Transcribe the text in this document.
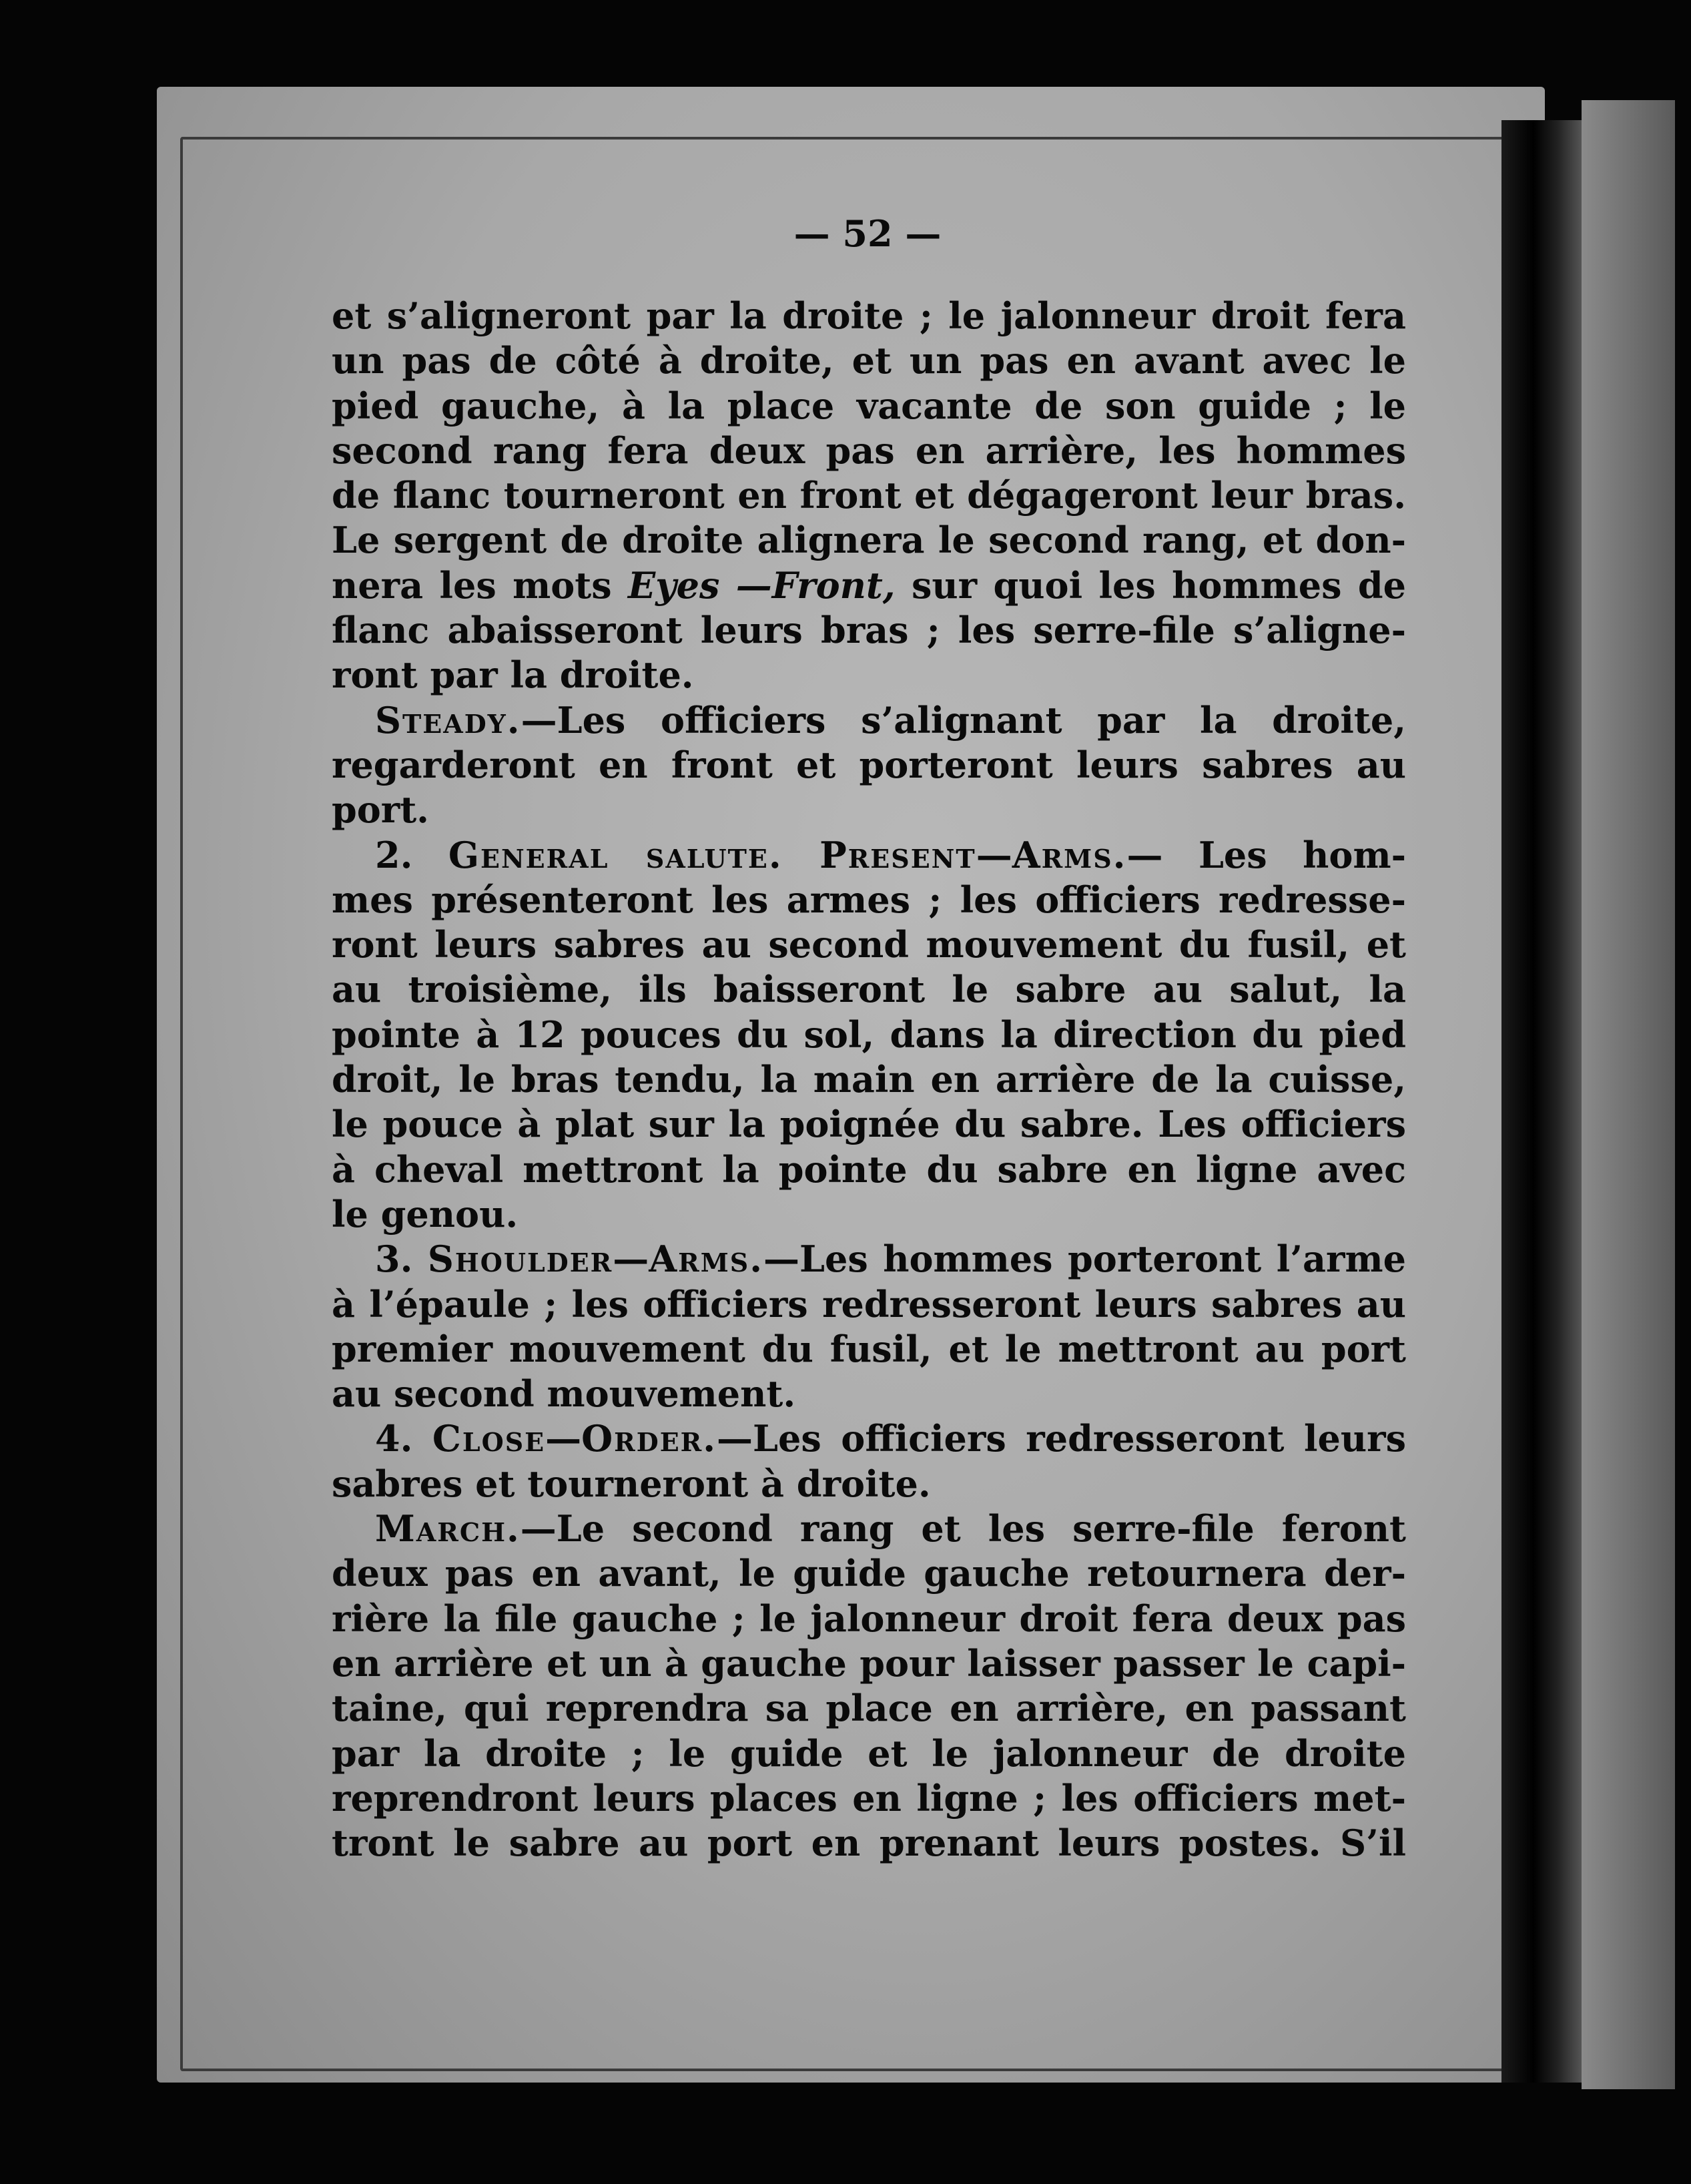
— 52 —
et s’aligneront par la droite ; le jalonneur droit fera
un pas de côté à droite, et un pas en avant avec le
pied gauche, à la place vacante de son guide ; le
second rang fera deux pas en arrière, les hommes
de flanc tourneront en front et dégageront leur bras.
Le sergent de droite alignera le second rang, et don-
nera les mots Eyes —Front, sur quoi les hommes de
flanc abaisseront leurs bras ; les serre-file s’aligne-
ront par la droite.
Steady.—Les officiers s’alignant par la droite,
regarderont en front et porteront leurs sabres au
port.
2. General salute. Present—Arms.— Les hom-
mes présenteront les armes ; les officiers redresse-
ront leurs sabres au second mouvement du fusil, et
au troisième, ils baisseront le sabre au salut, la
pointe à 12 pouces du sol, dans la direction du pied
droit, le bras tendu, la main en arrière de la cuisse,
le pouce à plat sur la poignée du sabre. Les officiers
à cheval mettront la pointe du sabre en ligne avec
le genou.
3. Shoulder—Arms.—Les hommes porteront l’arme
à l’épaule ; les officiers redresseront leurs sabres au
premier mouvement du fusil, et le mettront au port
au second mouvement.
4. Close—Order.—Les officiers redresseront leurs
sabres et tourneront à droite.
March.—Le second rang et les serre-file feront
deux pas en avant, le guide gauche retournera der-
rière la file gauche ; le jalonneur droit fera deux pas
en arrière et un à gauche pour laisser passer le capi-
taine, qui reprendra sa place en arrière, en passant
par la droite ; le guide et le jalonneur de droite
reprendront leurs places en ligne ; les officiers met-
tront le sabre au port en prenant leurs postes. S’il
